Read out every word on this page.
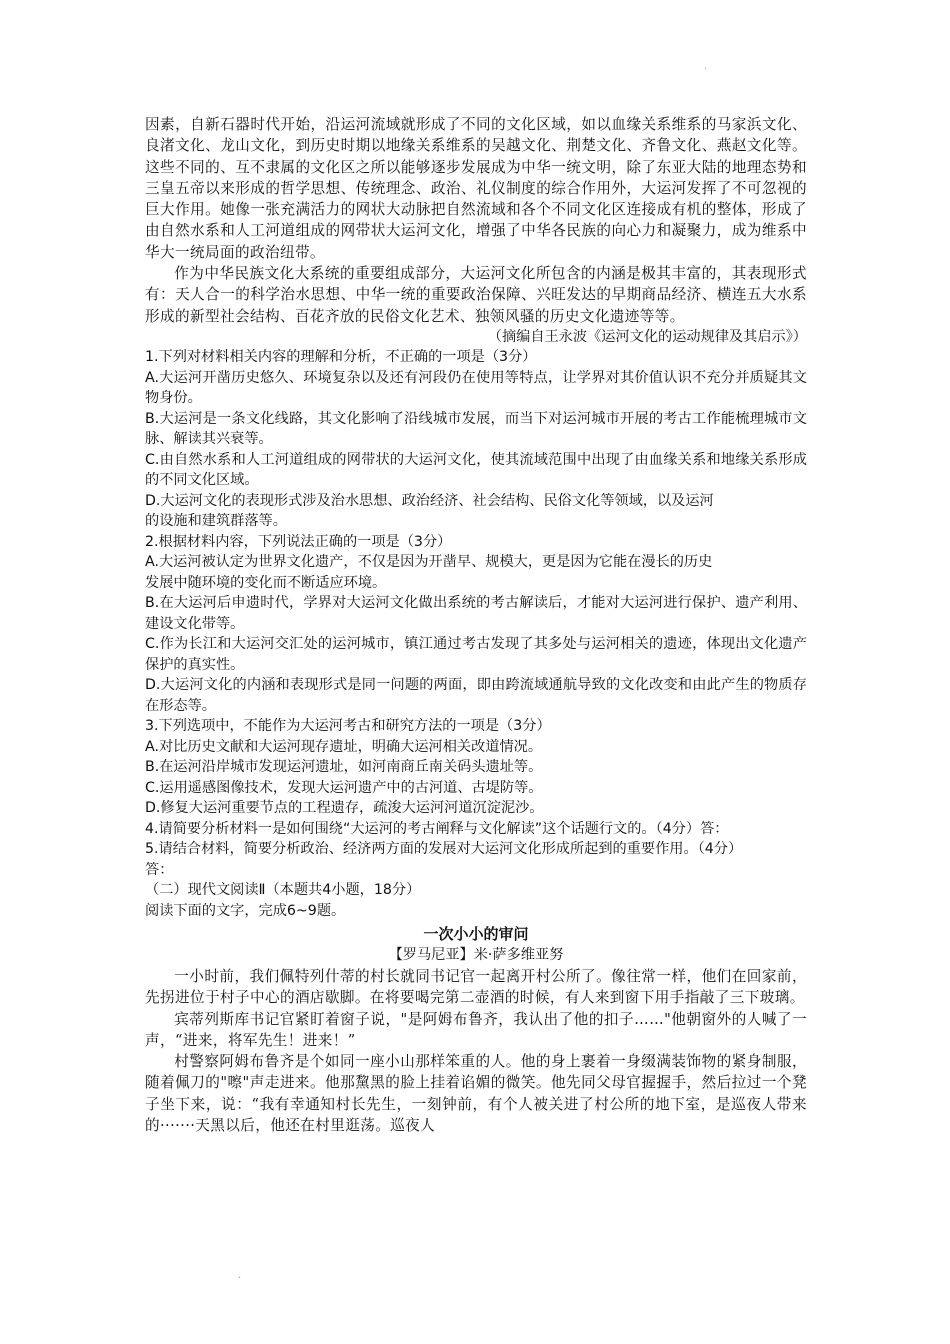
·
·

因素，自新石器时代开始，沿运河流域就形成了不同的文化区域，如以血缘关系维系的马家浜文化、良渚文化、龙山文化，到历史时期以地缘关系维系的吴越文化、荆楚文化、齐鲁文化、燕赵文化等。这些不同的、互不隶属的文化区之所以能够逐步发展成为中华一统文明，除了东亚大陆的地理态势和三皇五帝以来形成的哲学思想、传统理念、政治、礼仪制度的综合作用外，大运河发挥了不可忽视的巨大作用。她像一张充满活力的网状大动脉把自然流域和各个不同文化区连接成有机的整体，形成了由自然水系和人工河道组成的网带状大运河文化，增强了中华各民族的向心力和凝聚力，成为维系中华大一统局面的政治纽带。

作为中华民族文化大系统的重要组成部分，大运河文化所包含的内涵是极其丰富的，其表现形式有：天人合一的科学治水思想、中华一统的重要政治保障、兴旺发达的早期商品经济、横连五大水系形成的新型社会结构、百花齐放的民俗文化艺术、独领风骚的历史文化遗迹等等。

（摘编自王永波《运河文化的运动规律及其启示》）

1.下列对材料相关内容的理解和分析，不正确的一项是（3分）

A.大运河开凿历史悠久、环境复杂以及还有河段仍在使用等特点，让学界对其价值认识不充分并质疑其文物身份。

B.大运河是一条文化线路，其文化影响了沿线城市发展，而当下对运河城市开展的考古工作能梳理城市文脉、解读其兴衰等。

C.由自然水系和人工河道组成的网带状的大运河文化，使其流域范围中出现了由血缘关系和地缘关系形成的不同文化区域。

D.大运河文化的表现形式涉及治水思想、政治经济、社会结构、民俗文化等领域，以及运河

的设施和建筑群落等。

2.根据材料内容，下列说法正确的一项是（3分）

A.大运河被认定为世界文化遗产，不仅是因为开凿早、规模大，更是因为它能在漫长的历史

发展中随环境的变化而不断适应环境。

B.在大运河后申遗时代，学界对大运河文化做出系统的考古解读后，才能对大运河进行保护、遗产利用、建设文化带等。

C.作为长江和大运河交汇处的运河城市，镇江通过考古发现了其多处与运河相关的遗迹，体现出文化遗产保护的真实性。

D.大运河文化的内涵和表现形式是同一问题的两面，即由跨流域通航导致的文化改变和由此产生的物质存在形态等。

3.下列选项中，不能作为大运河考古和研究方法的一项是（3分）

A.对比历史文献和大运河现存遗址，明确大运河相关改道情况。

B.在运河沿岸城市发现运河遗址，如河南商丘南关码头遗址等。

C.运用遥感图像技术，发现大运河遗产中的古河道、古堤防等。

D.修复大运河重要节点的工程遗存，疏浚大运河河道沉淀泥沙。

4.请简要分析材料一是如何围绕“大运河的考古阐释与文化解读”这个话题行文的。（4分）答：

5.请结合材料，简要分析政治、经济两方面的发展对大运河文化形成所起到的重要作用。（4分）

答：

（二）现代文阅读Ⅱ（本题共4小题，18分）

阅读下面的文字，完成6~9题。

一次小小的审问

【罗马尼亚】米·萨多维亚努

一小时前，我们佩特列什蒂的村长就同书记官一起离开村公所了。像往常一样，他们在回家前，先拐进位于村子中心的酒店歇脚。在将要喝完第二壶酒的时候，有人来到窗下用手指敲了三下玻璃。

宾蒂列斯库书记官紧盯着窗子说，"是阿姆布鲁齐，我认出了他的扣子……"他朝窗外的人喊了一声，“进来，将军先生！进来！”

村警察阿姆布鲁齐是个如同一座小山那样笨重的人。他的身上裹着一身缀满装饰物的紧身制服，随着佩刀的"嚓"声走进来。他那黧黑的脸上挂着谄媚的微笑。他先同父母官握握手，然后拉过一个凳子坐下来，说：“我有幸通知村长先生，一刻钟前，有个人被关进了村公所的地下室，是巡夜人带来的·······天黑以后，他还在村里逛荡。巡夜人
